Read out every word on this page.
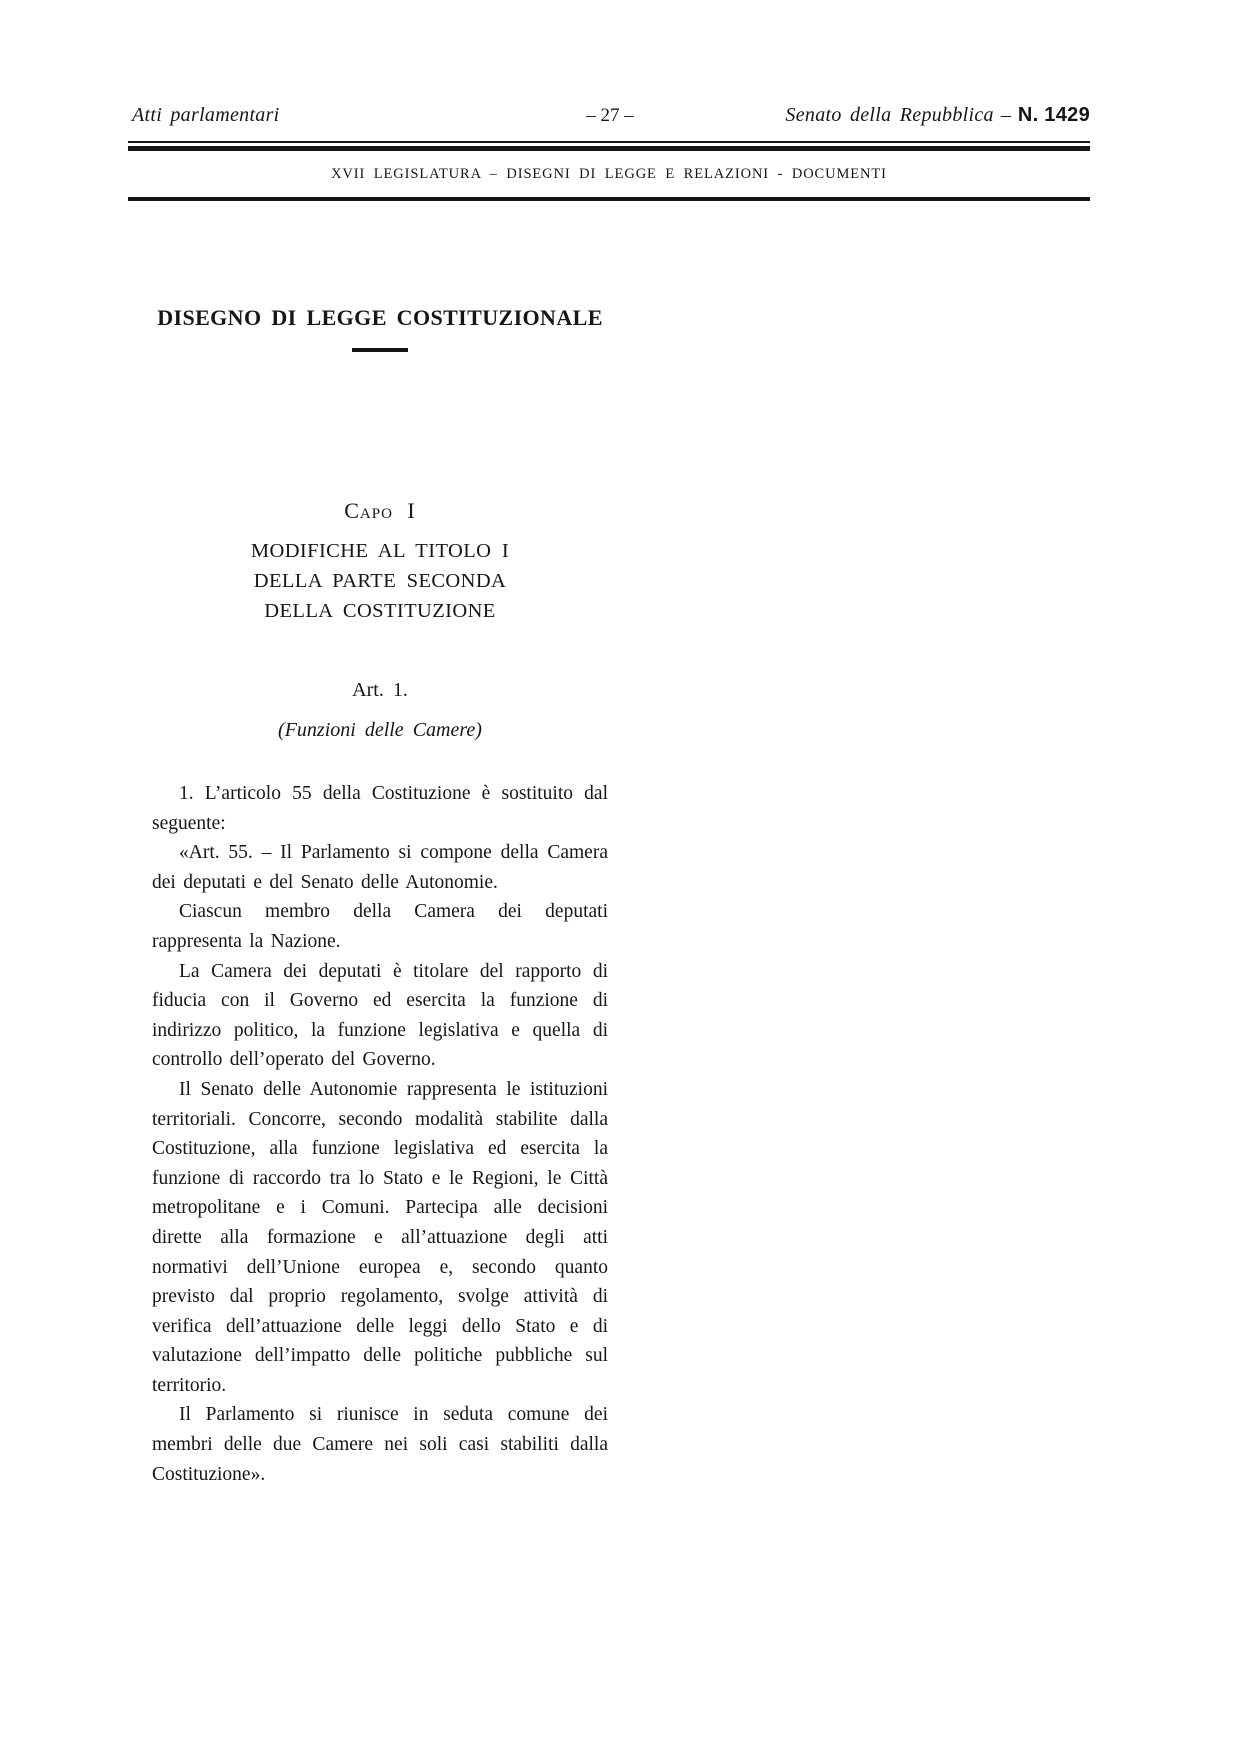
Atti parlamentari	– 27 –	Senato della Repubblica – N. 1429
XVII LEGISLATURA – DISEGNI DI LEGGE E RELAZIONI - DOCUMENTI
DISEGNO DI LEGGE COSTITUZIONALE
Capo I
MODIFICHE AL TITOLO I
DELLA PARTE SECONDA
DELLA COSTITUZIONE
Art. 1.
(Funzioni delle Camere)

1. L’articolo 55 della Costituzione è sostituito dal seguente:

«Art. 55. – Il Parlamento si compone della Camera dei deputati e del Senato delle Autonomie.

Ciascun membro della Camera dei deputati rappresenta la Nazione.

La Camera dei deputati è titolare del rapporto di fiducia con il Governo ed esercita la funzione di indirizzo politico, la funzione legislativa e quella di controllo dell’operato del Governo.

Il Senato delle Autonomie rappresenta le istituzioni territoriali. Concorre, secondo modalità stabilite dalla Costituzione, alla funzione legislativa ed esercita la funzione di raccordo tra lo Stato e le Regioni, le Città metropolitane e i Comuni. Partecipa alle decisioni dirette alla formazione e all’attuazione degli atti normativi dell’Unione europea e, secondo quanto previsto dal proprio regolamento, svolge attività di verifica dell’attuazione delle leggi dello Stato e di valutazione dell’impatto delle politiche pubbliche sul territorio.

Il Parlamento si riunisce in seduta comune dei membri delle due Camere nei soli casi stabiliti dalla Costituzione».
